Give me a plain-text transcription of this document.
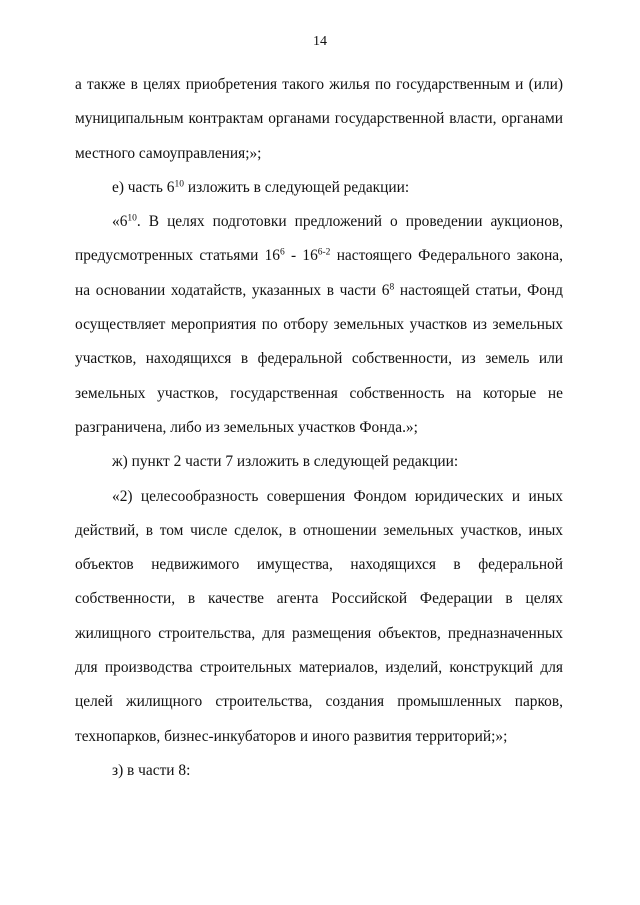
14

а также в целях приобретения такого жилья по государственным и (или) муниципальным контрактам органами государственной власти, органами местного самоуправления;»;

е) часть $6^{10}$ изложить в следующей редакции:

«$6^{10}$. В целях подготовки предложений о проведении аукционов, предусмотренных статьями $16^6 - 16^{6-2}$ настоящего Федерального закона, на основании ходатайств, указанных в части $6^8$ настоящей статьи, Фонд осуществляет мероприятия по отбору земельных участков из земельных участков, находящихся в федеральной собственности, из земель или земельных участков, государственная собственность на которые не разграничена, либо из земельных участков Фонда.»;

ж) пункт 2 части 7 изложить в следующей редакции:

«2) целесообразность совершения Фондом юридических и иных действий, в том числе сделок, в отношении земельных участков, иных объектов недвижимого имущества, находящихся в федеральной собственности, в качестве агента Российской Федерации в целях жилищного строительства, для размещения объектов, предназначенных для производства строительных материалов, изделий, конструкций для целей жилищного строительства, создания промышленных парков, технопарков, бизнес-инкубаторов и иного развития территорий;»;

з) в части 8:
